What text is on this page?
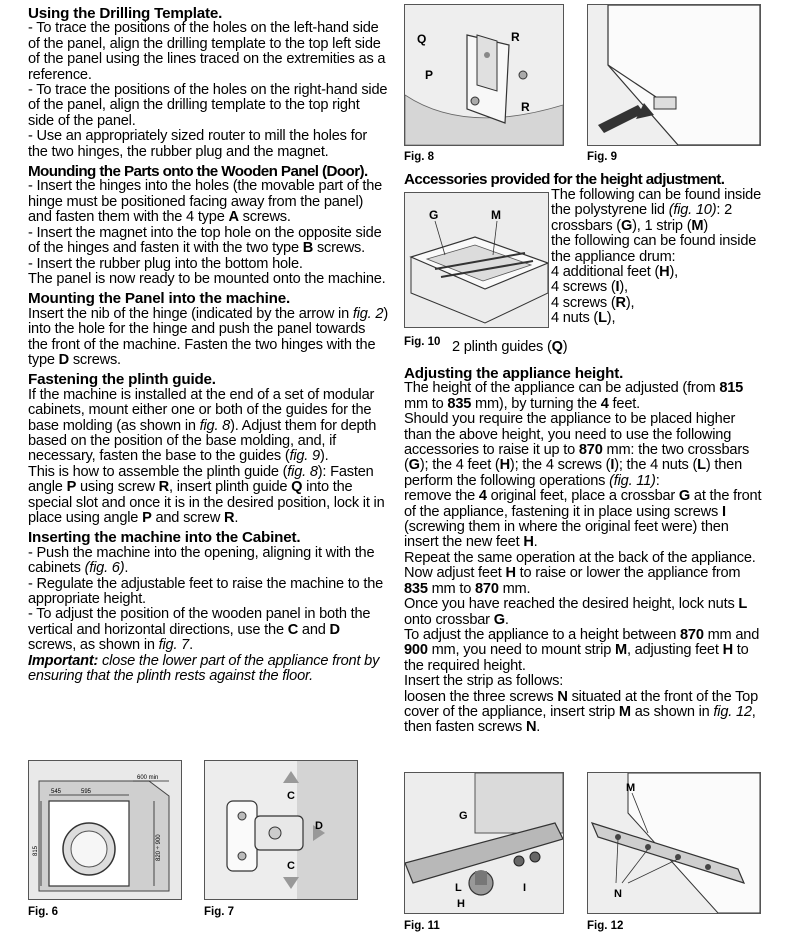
Using the Drilling Template.

- To trace the positions of the holes on the left-hand side of the panel, align the drilling template to the top left side of the panel using the lines traced on the extremities as a reference.

- To trace the positions of the holes on the right-hand side of the panel, align the drilling template to the top right side of the panel.

- Use an appropriately sized router to mill the holes for the two hinges, the rubber plug and the magnet.

Mounding the Parts onto the Wooden Panel (Door).

- Insert the hinges into the holes (the movable part of the hinge must be positioned facing away from the panel) and fasten them with the 4 type A screws.

- Insert the magnet into the top hole on the opposite side of the hinges and fasten it with the two type B screws.

- Insert the rubber plug into the bottom hole.

The panel is now ready to be mounted onto the machine.

Mounting the Panel into the machine.

Insert the nib of the hinge (indicated by the arrow in fig. 2) into the hole for the hinge and push the panel towards the front of the machine. Fasten the two hinges with the type D screws.

Fastening the plinth guide.

If the machine is installed at the end of a set of modular cabinets, mount either one or both of the guides for the base molding (as shown in fig. 8). Adjust them for depth based on the position of the base molding, and, if necessary, fasten the base to the guides (fig. 9).

This is how to assemble the plinth guide (fig. 8): Fasten angle P using screw R, insert plinth guide Q into the special slot and once it is in the desired position, lock it in place using angle P and screw R.

Inserting the machine into the Cabinet.

- Push the machine into the opening, aligning it with the cabinets (fig. 6).

- Regulate the adjustable feet to raise the machine to the appropriate height.

- To adjust the position of the wooden panel in both the vertical and horizontal directions, use the C and D screws, as shown in fig. 7.

Important: close the lower part of the appliance front by ensuring that the plinth rests against the floor.

545	595
600 min
815	820 ÷ 900
Fig. 6
C
D
C
Fig. 7
Q	R
P
R
Fig. 8	Fig. 9

Accessories provided for the height adjustment.

G	M
Fig. 10

The following can be found inside the polystyrene lid (fig. 10): 2 crossbars (G), 1 strip (M)

the following can be found inside the appliance drum:

4 additional feet (H),

4 screws (I),

4 screws (R),

4 nuts (L),

2 plinth guides (Q)

Adjusting the appliance height.

The height of the appliance can be adjusted (from 815 mm to 835 mm), by turning the 4 feet.

Should you require the appliance to be placed higher than the above height, you need to use the following accessories to raise it up to 870 mm: the two crossbars (G); the 4 feet (H); the 4 screws (I); the 4 nuts (L) then perform the following operations (fig. 11):

remove the 4 original feet, place a crossbar G at the front of the appliance, fastening it in place using screws I (screwing them in where the original feet were) then insert the new feet H.

Repeat the same operation at the back of the appliance.

Now adjust feet H to raise or lower the appliance from 835 mm to 870 mm.

Once you have reached the desired height, lock nuts L onto crossbar G.

To adjust the appliance to a height between 870 mm and 900 mm, you need to mount strip M, adjusting feet H to the required height.

Insert the strip as follows:

loosen the three screws N situated at the front of the Top cover of the appliance, insert strip M as shown in fig. 12, then fasten screws N.

G
L
H
I
Fig. 11
M
N
Fig. 12
